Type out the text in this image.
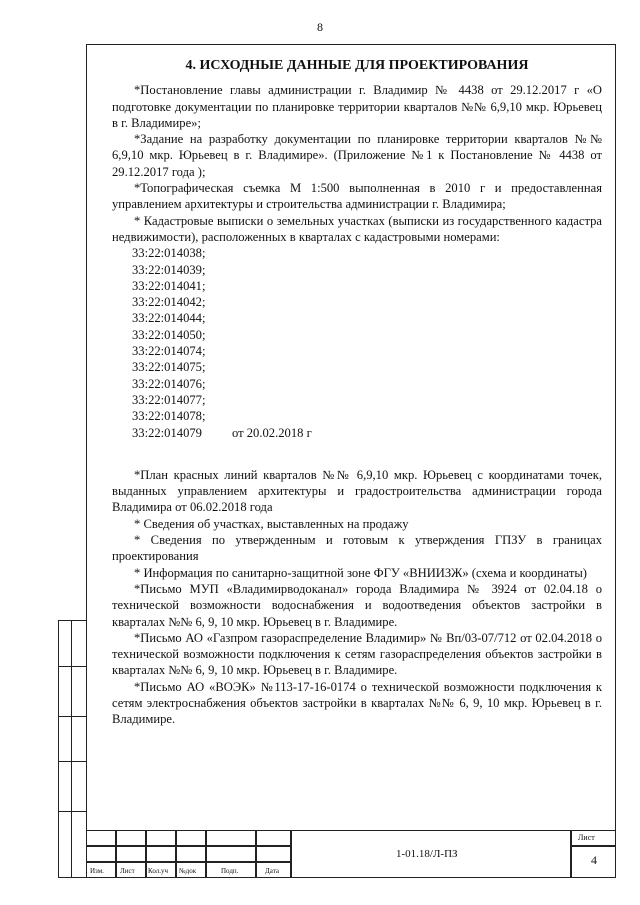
8
4. ИСХОДНЫЕ ДАННЫЕ ДЛЯ ПРОЕКТИРОВАНИЯ

*Постановление главы администрации г. Владимир № 4438 от 29.12.2017 г «О подготовке документации по планировке территории кварталов №№ 6,9,10 мкр. Юрьевец в г. Владимире»;

*Задание на разработку документации по планировке территории кварталов №№ 6,9,10 мкр. Юрьевец в г. Владимире». (Приложение №1 к Постановление № 4438 от 29.12.2017 года );

*Топографическая съемка М 1:500 выполненная в 2010 г и предоставленная управлением архитектуры и строительства администрации г. Владимира;

* Кадастровые выписки о земельных участках (выписки из государственного кадастра недвижимости), расположенных в кварталах с кадастровыми номерами:

33:22:014038;
33:22:014039;
33:22:014041;
33:22:014042;
33:22:014044;
33:22:014050;
33:22:014074;
33:22:014075;
33:22:014076;
33:22:014077;
33:22:014078;
33:22:014079 от 20.02.2018 г

*План красных линий кварталов №№ 6,9,10 мкр. Юрьевец с координатами точек, выданных управлением архитектуры и градостроительства администрации города Владимира от 06.02.2018 года

* Сведения об участках, выставленных на продажу

* Сведения по утвержденным и готовым к утверждения ГПЗУ в границах проектирования

* Информация по санитарно-защитной зоне ФГУ «ВНИИЗЖ» (схема и координаты)

*Письмо МУП «Владимирводоканал» города Владимира № 3924 от 02.04.18 о технической возможности водоснабжения и водоотведения объектов застройки в кварталах №№ 6, 9, 10 мкр. Юрьевец в г. Владимире.

*Письмо АО «Газпром газораспределение Владимир» № Вп/03-07/712 от 02.04.2018 о технической возможности подключения к сетям газораспределения объектов застройки в кварталах №№ 6, 9, 10 мкр. Юрьевец в г. Владимире.

*Письмо АО «ВОЭК» №113-17-16-0174 о технической возможности подключения к сетям электроснабжения объектов застройки в кварталах №№ 6, 9, 10 мкр. Юрьевец в г. Владимире.

Изм. Лист Кол.уч №док	Подп.	Дата
1-01.18/Л-ПЗ
Лист
4
